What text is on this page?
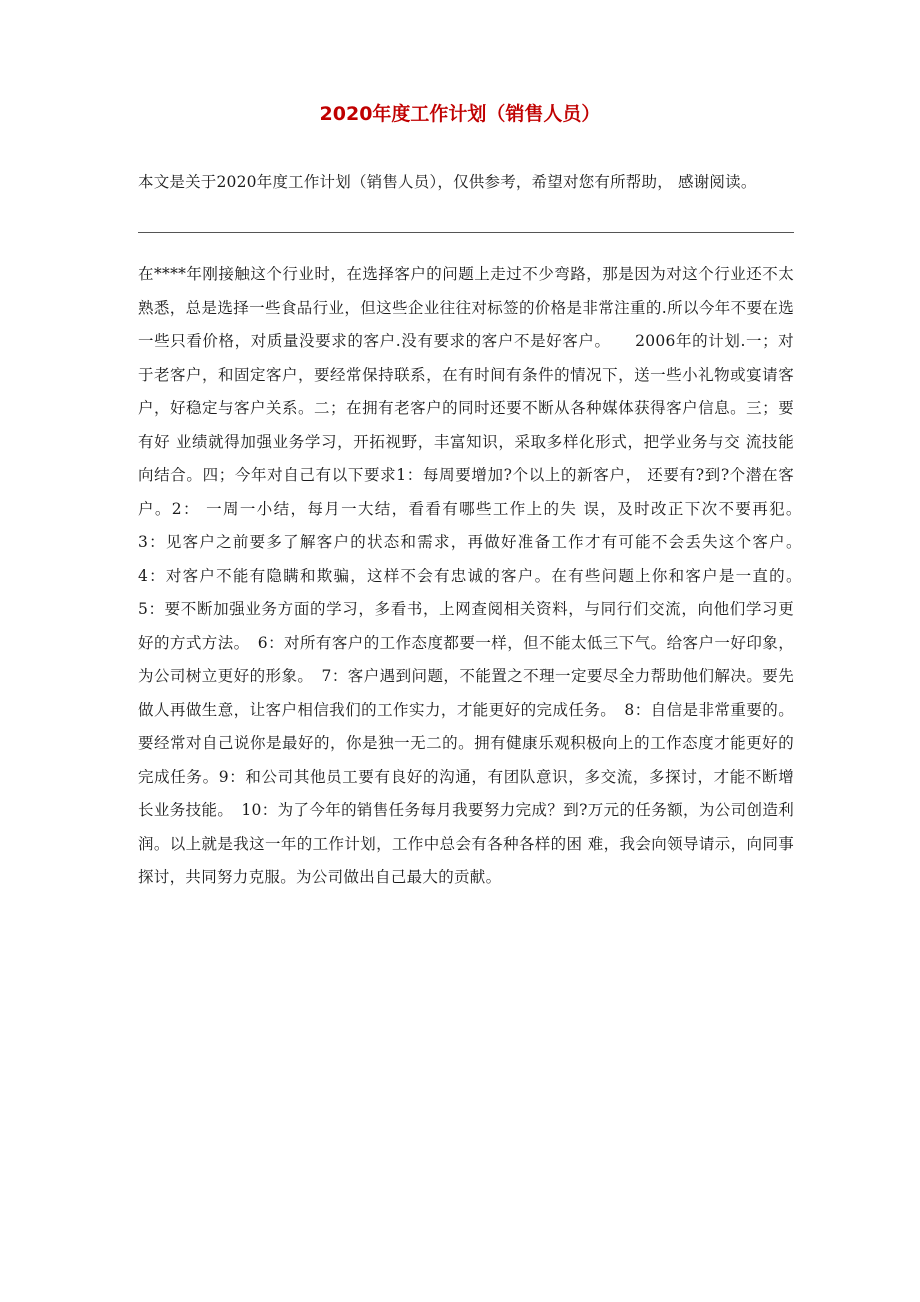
2020年度工作计划（销售人员）

本文是关于2020年度工作计划（销售人员），仅供参考，希望对您有所帮助， 感谢阅读。

在****年刚接触这个行业时，在选择客户的问题上走过不少弯路，那是因为对这个行业还不太熟悉，总是选择一些食品行业，但这些企业往往对标签的价格是非常注重的.所以今年不要在选一些只看价格，对质量没要求的客户.没有要求的客户不是好客户。　　2006年的计划.一；对于老客户，和固定客户，要经常保持联系，在有时间有条件的情况下，送一些小礼物或宴请客户，好稳定与客户关系。二；在拥有老客户的同时还要不断从各种媒体获得客户信息。三；要有好 业绩就得加强业务学习，开拓视野，丰富知识，采取多样化形式，把学业务与交 流技能向结合。四；今年对自己有以下要求1：每周要增加?个以上的新客户， 还要有?到?个潜在客户。2： 一周一小结，每月一大结，看看有哪些工作上的失 误，及时改正下次不要再犯。　　3：见客户之前要多了解客户的状态和需求，再做好准备工作才有可能不会丢失这个客户。　4：对客户不能有隐瞒和欺骗，这样不会有忠诚的客户。在有些问题上你和客户是一直的。　5：要不断加强业务方面的学习，多看书，上网查阅相关资料，与同行们交流，向他们学习更好的方式方法。　6：对所有客户的工作态度都要一样，但不能太低三下气。给客户一好印象，为公司树立更好的形象。　7：客户遇到问题，不能置之不理一定要尽全力帮助他们解决。要先做人再做生意，让客户相信我们的工作实力，才能更好的完成任务。　8：自信是非常重要的。要经常对自己说你是最好的，你是独一无二的。拥有健康乐观积极向上的工作态度才能更好的完成任务。9：和公司其他员工要有良好的沟通，有团队意识，多交流，多探讨，才能不断增长业务技能。　10：为了今年的销售任务每月我要努力完成？到?万元的任务额，为公司创造利润。以上就是我这一年的工作计划，工作中总会有各种各样的困 难，我会向领导请示，向同事探讨，共同努力克服。为公司做出自己最大的贡献。
